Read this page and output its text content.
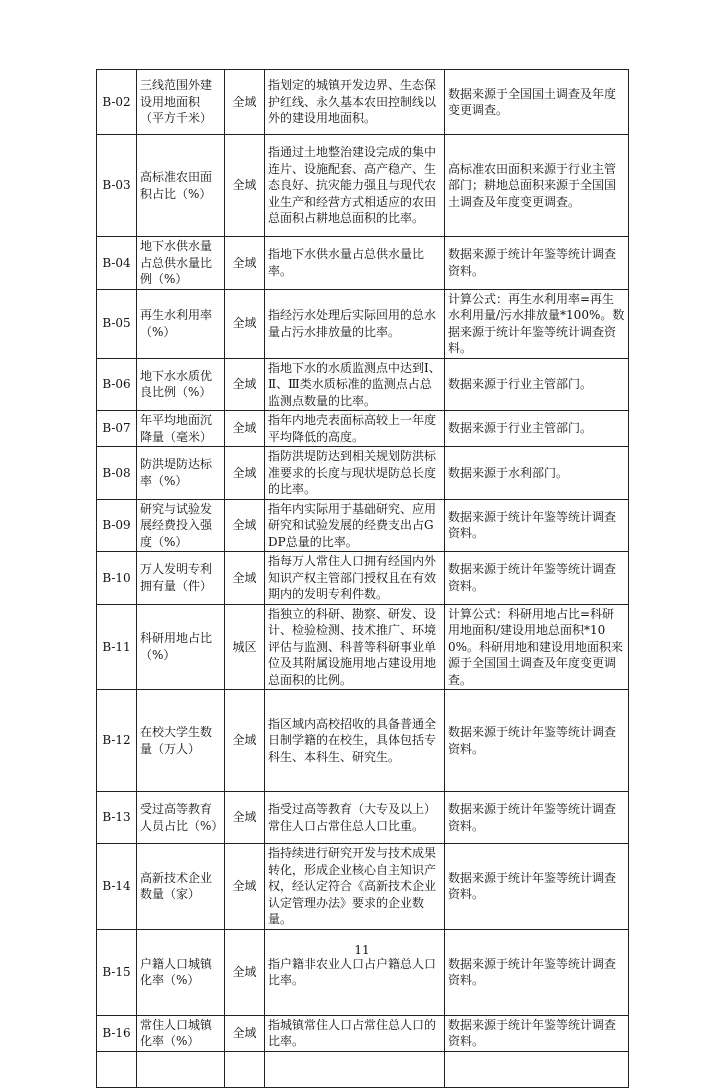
B-02	三线范围外建设用地面积（平方千米）	全域	指划定的城镇开发边界、生态保护红线、永久基本农田控制线以外的建设用地面积。	数据来源于全国国土调查及年度变更调查。
B-03	高标准农田面积占比（%）	全域	指通过土地整治建设完成的集中连片、设施配套、高产稳产、生态良好、抗灾能力强且与现代农业生产和经营方式相适应的农田总面积占耕地总面积的比率。	高标准农田面积来源于行业主管部门；耕地总面积来源于全国国土调查及年度变更调查。
B-04	地下水供水量占总供水量比例（%）	全域	指地下水供水量占总供水量比率。	数据来源于统计年鉴等统计调查资料。
B-05	再生水利用率（%）	全域	指经污水处理后实际回用的总水量占污水排放量的比率。	计算公式：再生水利用率=再生水利用量/污水排放量*100%。数据来源于统计年鉴等统计调查资料。
B-06	地下水水质优良比例（%）	全域	指地下水的水质监测点中达到Ⅰ、Ⅱ、Ⅲ类水质标准的监测点占总监测点数量的比率。	数据来源于行业主管部门。
B-07	年平均地面沉降量（毫米）	全域	指年内地壳表面标高较上一年度平均降低的高度。	数据来源于行业主管部门。
B-08	防洪堤防达标率（%）	全域	指防洪堤防达到相关规划防洪标准要求的长度与现状堤防总长度的比率。	数据来源于水利部门。
B-09	研究与试验发展经费投入强度（%）	全域	指年内实际用于基础研究、应用研究和试验发展的经费支出占GDP总量的比率。	数据来源于统计年鉴等统计调查资料。
B-10	万人发明专利拥有量（件）	全域	指每万人常住人口拥有经国内外知识产权主管部门授权且在有效期内的发明专利件数。	数据来源于统计年鉴等统计调查资料。
B-11	科研用地占比（%）	城区	指独立的科研、勘察、研发、设计、检验检测、技术推广、环境评估与监测、科普等科研事业单位及其附属设施用地占建设用地总面积的比例。	计算公式：科研用地占比=科研用地面积/建设用地总面积*100%。科研用地和建设用地面积来源于全国国土调查及年度变更调查。
B-12	在校大学生数量（万人）	全域	指区域内高校招收的具备普通全日制学籍的在校生，具体包括专科生、本科生、研究生。	数据来源于统计年鉴等统计调查资料。
B-13	受过高等教育人员占比（%）	全域	指受过高等教育（大专及以上）常住人口占常住总人口比重。	数据来源于统计年鉴等统计调查资料。
B-14	高新技术企业数量（家）	全域	指持续进行研究开发与技术成果转化，形成企业核心自主知识产权，经认定符合《高新技术企业认定管理办法》要求的企业数量。	数据来源于统计年鉴等统计调查资料。
B-15	户籍人口城镇化率（%）	全域	指户籍非农业人口占户籍总人口比率。	数据来源于统计年鉴等统计调查资料。
B-16	常住人口城镇化率（%）	全域	指城镇常住人口占常住总人口的比率。	数据来源于统计年鉴等统计调查资料。

11
